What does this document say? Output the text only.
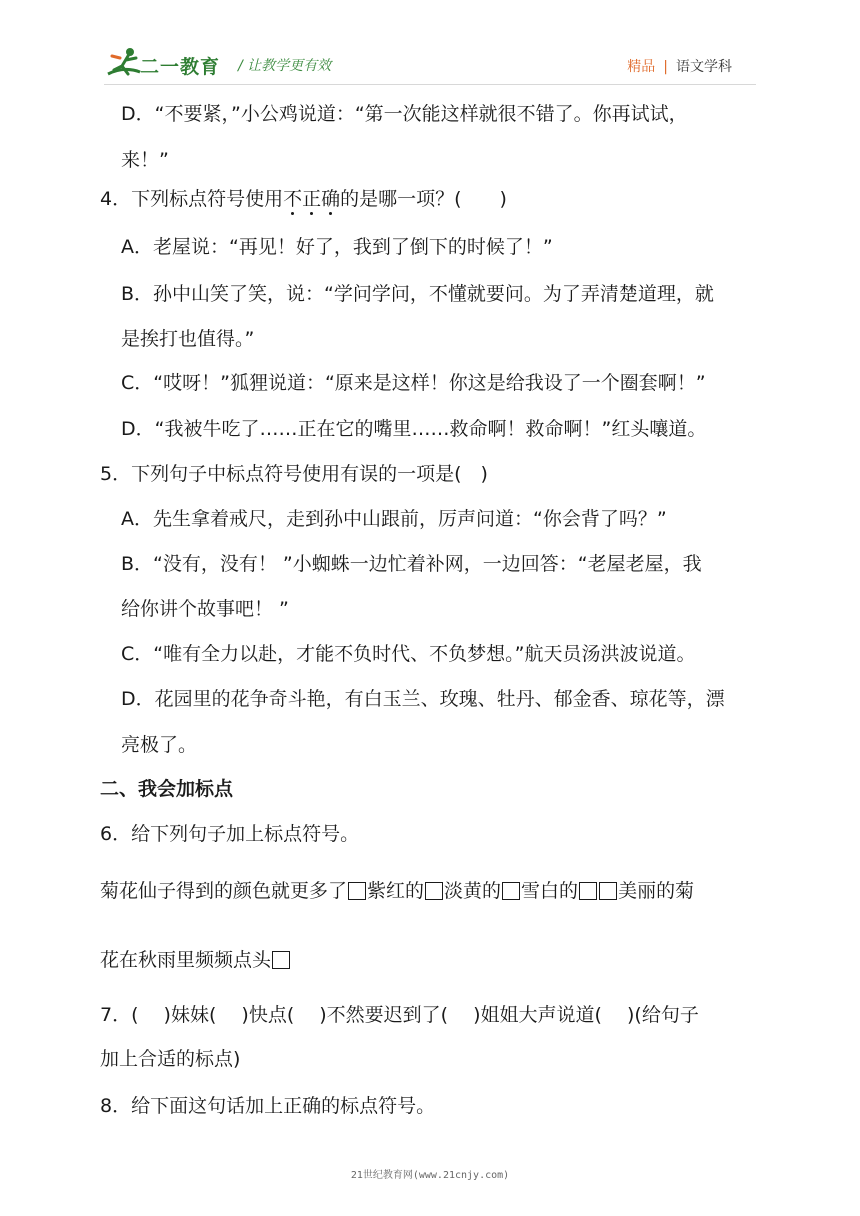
二一教育 / 让教学更有效	精品 | 语文学科
D．“不要紧，”小公鸡说道：“第一次能这样就很不错了。你再试试，
来！”
4．下列标点符号使用不正确的是哪一项？(　　)
A．老屋说：“再见！好了，我到了倒下的时候了！”
B．孙中山笑了笑，说：“学问学问，不懂就要问。为了弄清楚道理，就
是挨打也值得。”
C．“哎呀！”狐狸说道：“原来是这样！你这是给我设了一个圈套啊！”
D．“我被牛吃了……正在它的嘴里……救命啊！救命啊！”红头嚷道。
5．下列句子中标点符号使用有误的一项是(　)
A．先生拿着戒尺，走到孙中山跟前，厉声问道：“你会背了吗？”
B．“没有，没有！ ”小蜘蛛一边忙着补网，一边回答：“老屋老屋，我
给你讲个故事吧！ ”
C．“唯有全力以赴，才能不负时代、不负梦想。”航天员汤洪波说道。
D．花园里的花争奇斗艳，有白玉兰、玫瑰、牡丹、郁金香、琼花等，漂
亮极了。
二、我会加标点
6．给下列句子加上标点符号。
菊花仙子得到的颜色就更多了 紫红的 淡黄的 雪白的 美丽的菊
花在秋雨里频频点头
7．(　 )妹妹(　 )快点(　 )不然要迟到了(　 )姐姐大声说道(　 )(给句子
加上合适的标点)
8．给下面这句话加上正确的标点符号。
21世纪教育网(www.21cnjy.com)
